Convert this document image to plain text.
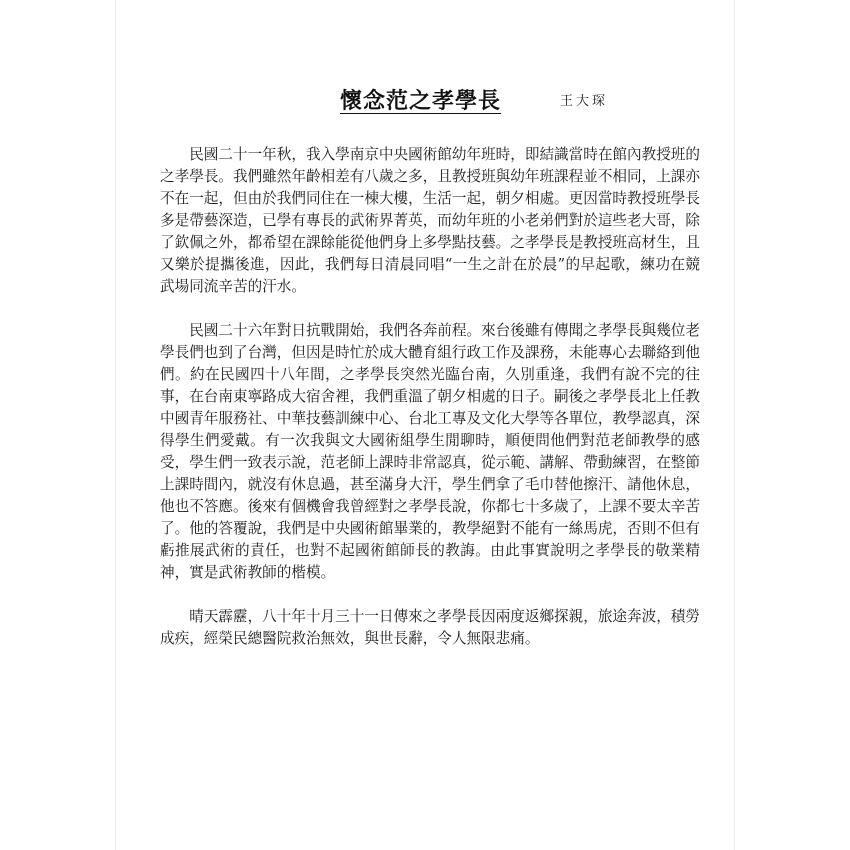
懷念范之孝學長	王大琛

民國二十一年秋，我入學南京中央國術館幼年班時，即結識當時在館內教授班的之孝學長。我們雖然年齡相差有八歲之多，且教授班與幼年班課程並不相同，上課亦不在一起，但由於我們同住在一棟大樓，生活一起，朝夕相處。更因當時教授班學長多是帶藝深造，已學有專長的武術界菁英，而幼年班的小老弟們對於這些老大哥，除了欽佩之外，都希望在課餘能從他們身上多學點技藝。之孝學長是教授班高材生，且又樂於提攜後進，因此，我們每日清晨同唱“一生之計在於晨”的早起歌，練功在競武場同流辛苦的汗水。

民國二十六年對日抗戰開始，我們各奔前程。來台後雖有傳聞之孝學長與幾位老學長們也到了台灣，但因是時忙於成大體育組行政工作及課務，未能專心去聯絡到他們。約在民國四十八年間，之孝學長突然光臨台南，久別重逢，我們有說不完的往事，在台南東寧路成大宿舍裡，我們重溫了朝夕相處的日子。嗣後之孝學長北上任教中國青年服務社、中華技藝訓練中心、台北工專及文化大學等各單位，教學認真，深得學生們愛戴。有一次我與文大國術組學生閒聊時，順便問他們對范老師教學的感受，學生們一致表示說，范老師上課時非常認真，從示範、講解、帶動練習，在整節上課時間內，就沒有休息過，甚至滿身大汗，學生們拿了毛巾替他擦汗、請他休息，他也不答應。後來有個機會我曾經對之孝學長說，你都七十多歲了，上課不要太辛苦了。他的答覆說，我們是中央國術館畢業的，教學絕對不能有一絲馬虎，否則不但有虧推展武術的責任，也對不起國術館師長的教誨。由此事實說明之孝學長的敬業精神，實是武術教師的楷模。

晴天霹靂，八十年十月三十一日傳來之孝學長因兩度返鄉探親，旅途奔波，積勞成疾，經榮民總醫院救治無效，與世長辭，令人無限悲痛。
